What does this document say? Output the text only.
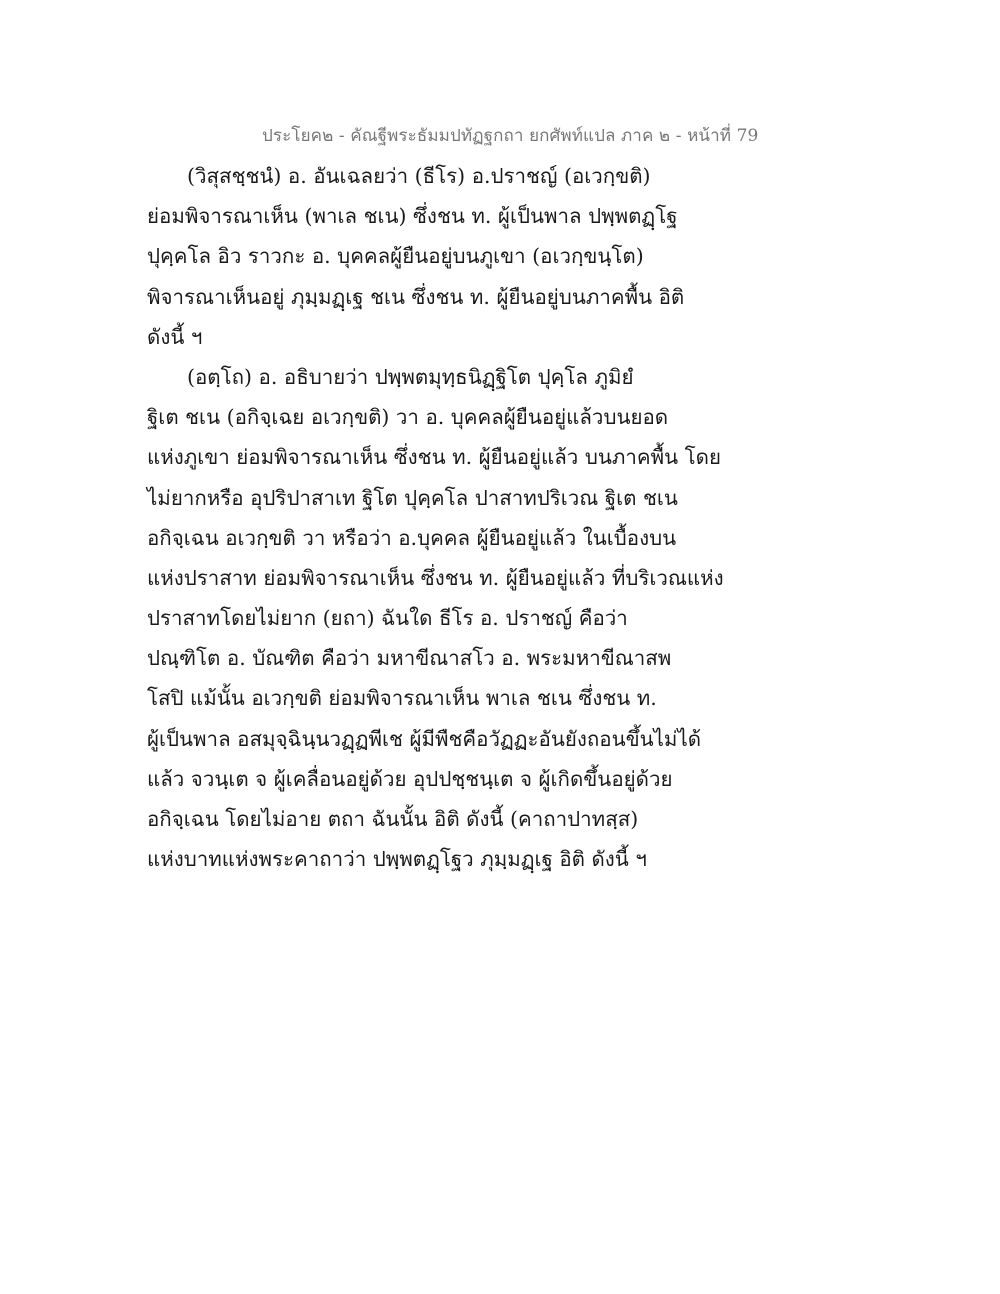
ประโยค๒ - คัณฐีพระธัมมปทัฏฐกถา ยกศัพท์แปล ภาค ๒ - หน้าที่ 79
(วิสุสชฺชนํ) อ. อันเฉลยว่า (ธีโร) อ.ปราชญ์ (อเวกฺขติ)
ย่อมพิจารณาเห็น (พาเล ชเน) ซึ่งชน ท. ผู้เป็นพาล ปพฺพตฏฺโฐ
ปุคฺคโล อิว ราวกะ อ. บุคคลผู้ยืนอยู่บนภูเขา (อเวกฺขนฺโต)
พิจารณาเห็นอยู่ ภุมฺมฏฺเฐ ชเน ซึ่งชน ท. ผู้ยืนอยู่บนภาคพื้น อิติ
ดังนี้ ฯ
(อตฺโถ) อ. อธิบายว่า ปพฺพตมุทฺธนิฏฺฐิโต ปุคฺโล ภูมิยํ
ฐิเต ชเน (อกิจฺเฉย อเวกฺขติ) วา อ. บุคคลผู้ยืนอยู่แล้วบนยอด
แห่งภูเขา ย่อมพิจารณาเห็น ซึ่งชน ท. ผู้ยืนอยู่แล้ว บนภาคพื้น โดย
ไม่ยากหรือ อุปริปาสาเท ฐิโต ปุคฺคโล ปาสาทปริเวณ ฐิเต ชเน
อกิจฺเฉน อเวกฺขติ วา หรือว่า อ.บุคคล ผู้ยืนอยู่แล้ว ในเบื้องบน
แห่งปราสาท ย่อมพิจารณาเห็น ซึ่งชน ท. ผู้ยืนอยู่แล้ว ที่บริเวณแห่ง
ปราสาทโดยไม่ยาก (ยถา) ฉันใด ธีโร อ. ปราชญ์ คือว่า
ปณฺฑิโต อ. บัณฑิต คือว่า มหาขีณาสโว อ. พระมหาขีณาสพ
โสปิ แม้นั้น อเวกฺขติ ย่อมพิจารณาเห็น พาเล ชเน ซึ่งชน ท.
ผู้เป็นพาล อสมุจฺฉินฺนวฏฺฏพีเช ผู้มีพืชคือวัฏฏะอันยังถอนขึ้นไม่ได้
แล้ว จวนฺเต จ ผู้เคลื่อนอยู่ด้วย อุปปชฺชนฺเต จ ผู้เกิดขึ้นอยู่ด้วย
อกิจฺเฉน โดยไม่อาย ตถา ฉันนั้น อิติ ดังนี้ (คาถาปาทสฺส)
แห่งบาทแห่งพระคาถาว่า ปพฺพตฏฺโฐว ภุมฺมฏฺเฐ อิติ ดังนี้ ฯ
